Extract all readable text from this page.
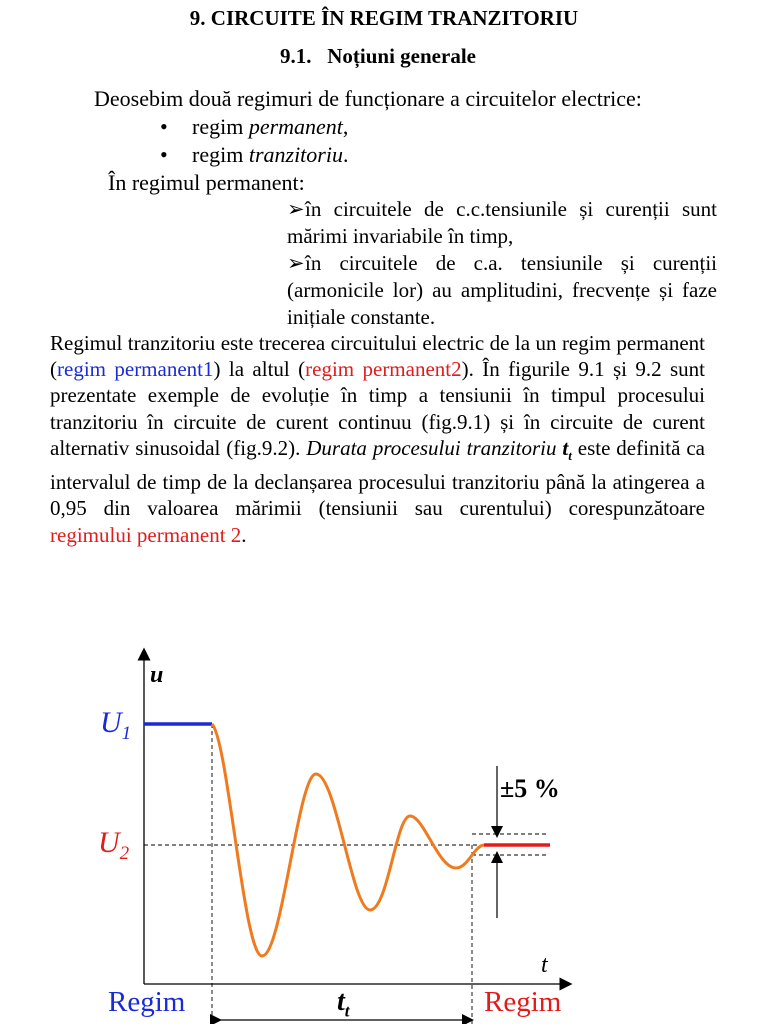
9. CIRCUITE ÎN REGIM TRANZITORIU
9.1. Noțiuni generale
Deosebim două regimuri de funcționare a circuitelor electrice:
• regim permanent,
• regim tranzitoriu.
În regimul permanent:
➢în circuitele de c.c.tensiunile și curenții sunt mărimi invariabile în timp,
➢în circuitele de c.a. tensiunile și curenții (armonicile lor) au amplitudini, frecvențe și faze inițiale constante.
Regimul tranzitoriu este trecerea circuitului electric de la un regim permanent (regim permanent1) la altul (regim permanent2). În figurile 9.1 și 9.2 sunt prezentate exemple de evoluție în timp a tensiunii în timpul procesului tranzitoriu în circuite de curent continuu (fig.9.1) și în circuite de curent alternativ sinusoidal (fig.9.2). Durata procesului tranzitoriu $t_t$ este definită ca intervalul de timp de la declanșarea procesului tranzitoriu până la atingerea a 0,95 din valoarea mărimii (tensiunii sau curentului) corespunzătoare regimului permanent 2.
u
t
$U_1$
$U_2$
±5 %
$t_t$
Regim	Regim
